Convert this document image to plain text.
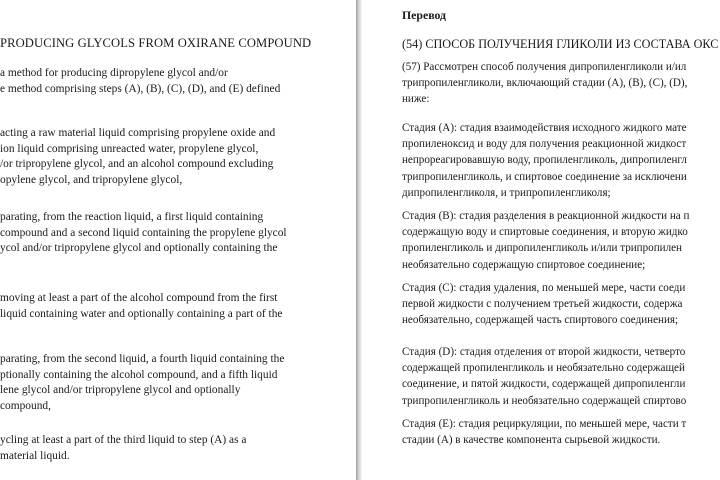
PRODUCING GLYCOLS FROM OXIRANE COMPOUND

a method for producing dipropylene glycol and/or
e method comprising steps (A), (B), (C), (D), and (E) defined

acting a raw material liquid comprising propylene oxide and
ion liquid comprising unreacted water, propylene glycol,
/or tripropylene glycol, and an alcohol compound excluding
opylene glycol, and tripropylene glycol,

parating, from the reaction liquid, a first liquid containing
compound and a second liquid containing the propylene glycol
ycol and/or tripropylene glycol and optionally containing the

moving at least a part of the alcohol compound from the first
liquid containing water and optionally containing a part of the

parating, from the second liquid, a fourth liquid containing the
ptionally containing the alcohol compound, and a fifth liquid
lene glycol and/or tripropylene glycol and optionally
compound,

ycling at least a part of the third liquid to step (A) as a
material liquid.

Перевод

(54) СПОСОБ ПОЛУЧЕНИЯ ГЛИКОЛИ ИЗ СОСТАВА ОКС

(57) Рассмотрен способ получения дипропиленгликоли и/ил
трипропиленгликоли, включающий стадии (A), (B), (C), (D),
ниже:

Стадия (A): стадия взаимодействия исходного жидкого мате
пропиленоксид и воду для получения реакционной жидкост
непрореагировавшую воду, пропиленгликоль, дипропиленгл
трипропиленгликоль, и спиртовое соединение за исключени
дипропиленгликоля, и трипропиленгликоля;

Стадия (B): стадия разделения в реакционной жидкости на п
содержащую воду и спиртовые соединения, и вторую жидко
пропиленгликоль и дипропиленгликоль и/или трипропилен
необязательно содержащую спиртовое соединение;

Стадия (C): стадия удаления, по меньшей мере, части соеди
первой жидкости с получением третьей жидкости, содержа
необязательно, содержащей часть спиртового соединения;

Стадия (D): стадия отделения от второй жидкости, четверто
содержащей пропиленгликоль и необязательно содержащей
соединение, и пятой жидкости, содержащей дипропиленгли
трипропиленгликоль и необязательно содержащей спиртово

Стадия (E): стадия рециркуляции, по меньшей мере, части т
стадии (A) в качестве компонента сырьевой жидкости.
